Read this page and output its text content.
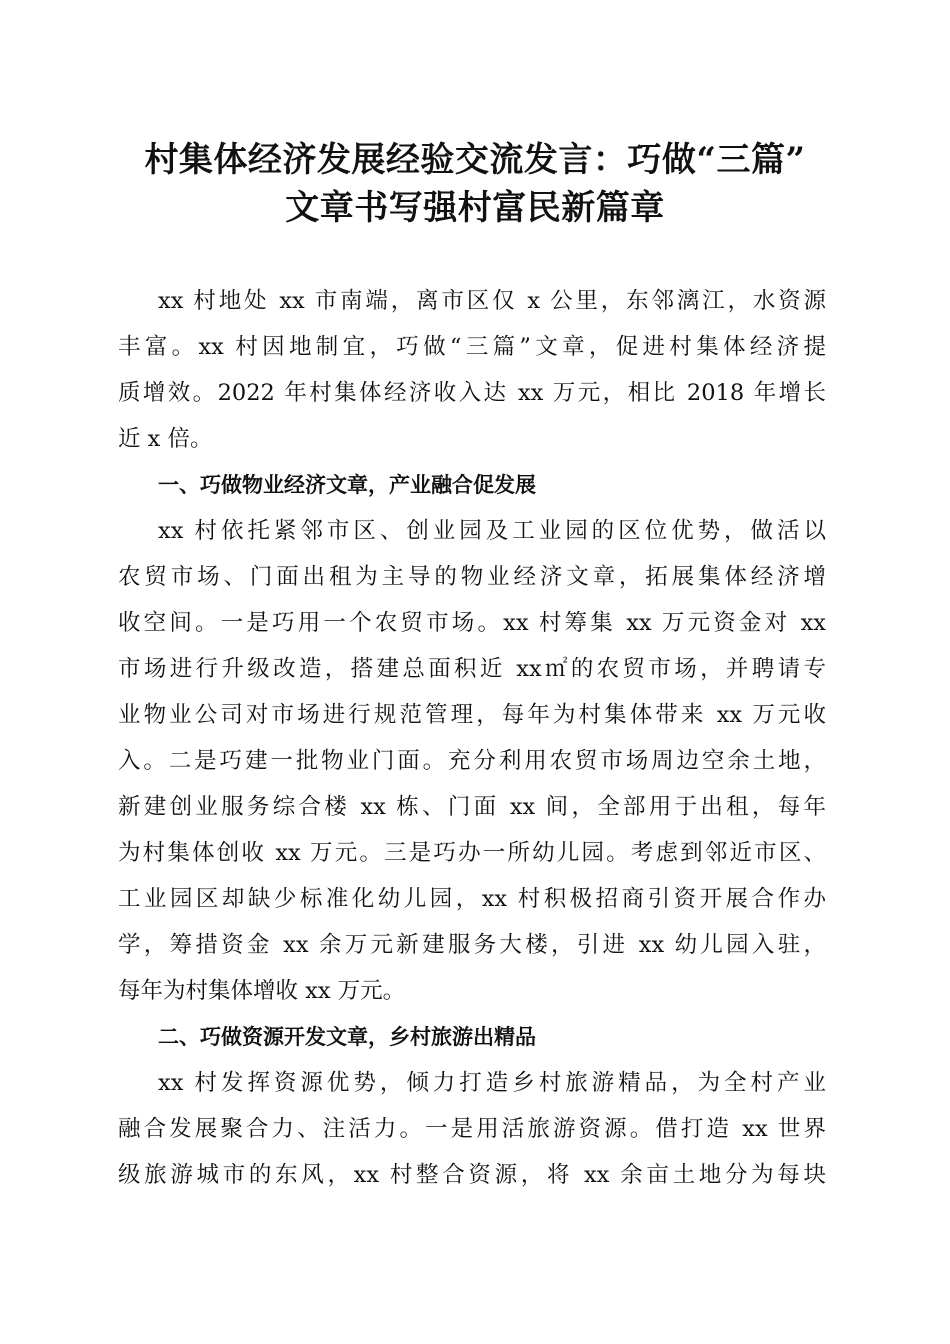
村集体经济发展经验交流发言：巧做“三篇”
文章书写强村富民新篇章
xx 村地处 xx 市南端，离市区仅 x 公里，东邻漓江，水资源
丰富。xx 村因地制宜，巧做“三篇”文章，促进村集体经济提
质增效。2022 年村集体经济收入达 xx 万元，相比 2018 年增长
近 x 倍。
一、巧做物业经济文章，产业融合促发展
xx 村依托紧邻市区、创业园及工业园的区位优势，做活以
农贸市场、门面出租为主导的物业经济文章，拓展集体经济增
收空间。一是巧用一个农贸市场。xx 村筹集 xx 万元资金对 xx
市场进行升级改造，搭建总面积近 xx㎡的农贸市场，并聘请专
业物业公司对市场进行规范管理，每年为村集体带来 xx 万元收
入。二是巧建一批物业门面。充分利用农贸市场周边空余土地，
新建创业服务综合楼 xx 栋、门面 xx 间，全部用于出租，每年
为村集体创收 xx 万元。三是巧办一所幼儿园。考虑到邻近市区、
工业园区却缺少标准化幼儿园，xx 村积极招商引资开展合作办
学，筹措资金 xx 余万元新建服务大楼，引进 xx 幼儿园入驻，
每年为村集体增收 xx 万元。
二、巧做资源开发文章，乡村旅游出精品
xx 村发挥资源优势，倾力打造乡村旅游精品，为全村产业
融合发展聚合力、注活力。一是用活旅游资源。借打造 xx 世界
级旅游城市的东风，xx 村整合资源，将 xx 余亩土地分为每块
